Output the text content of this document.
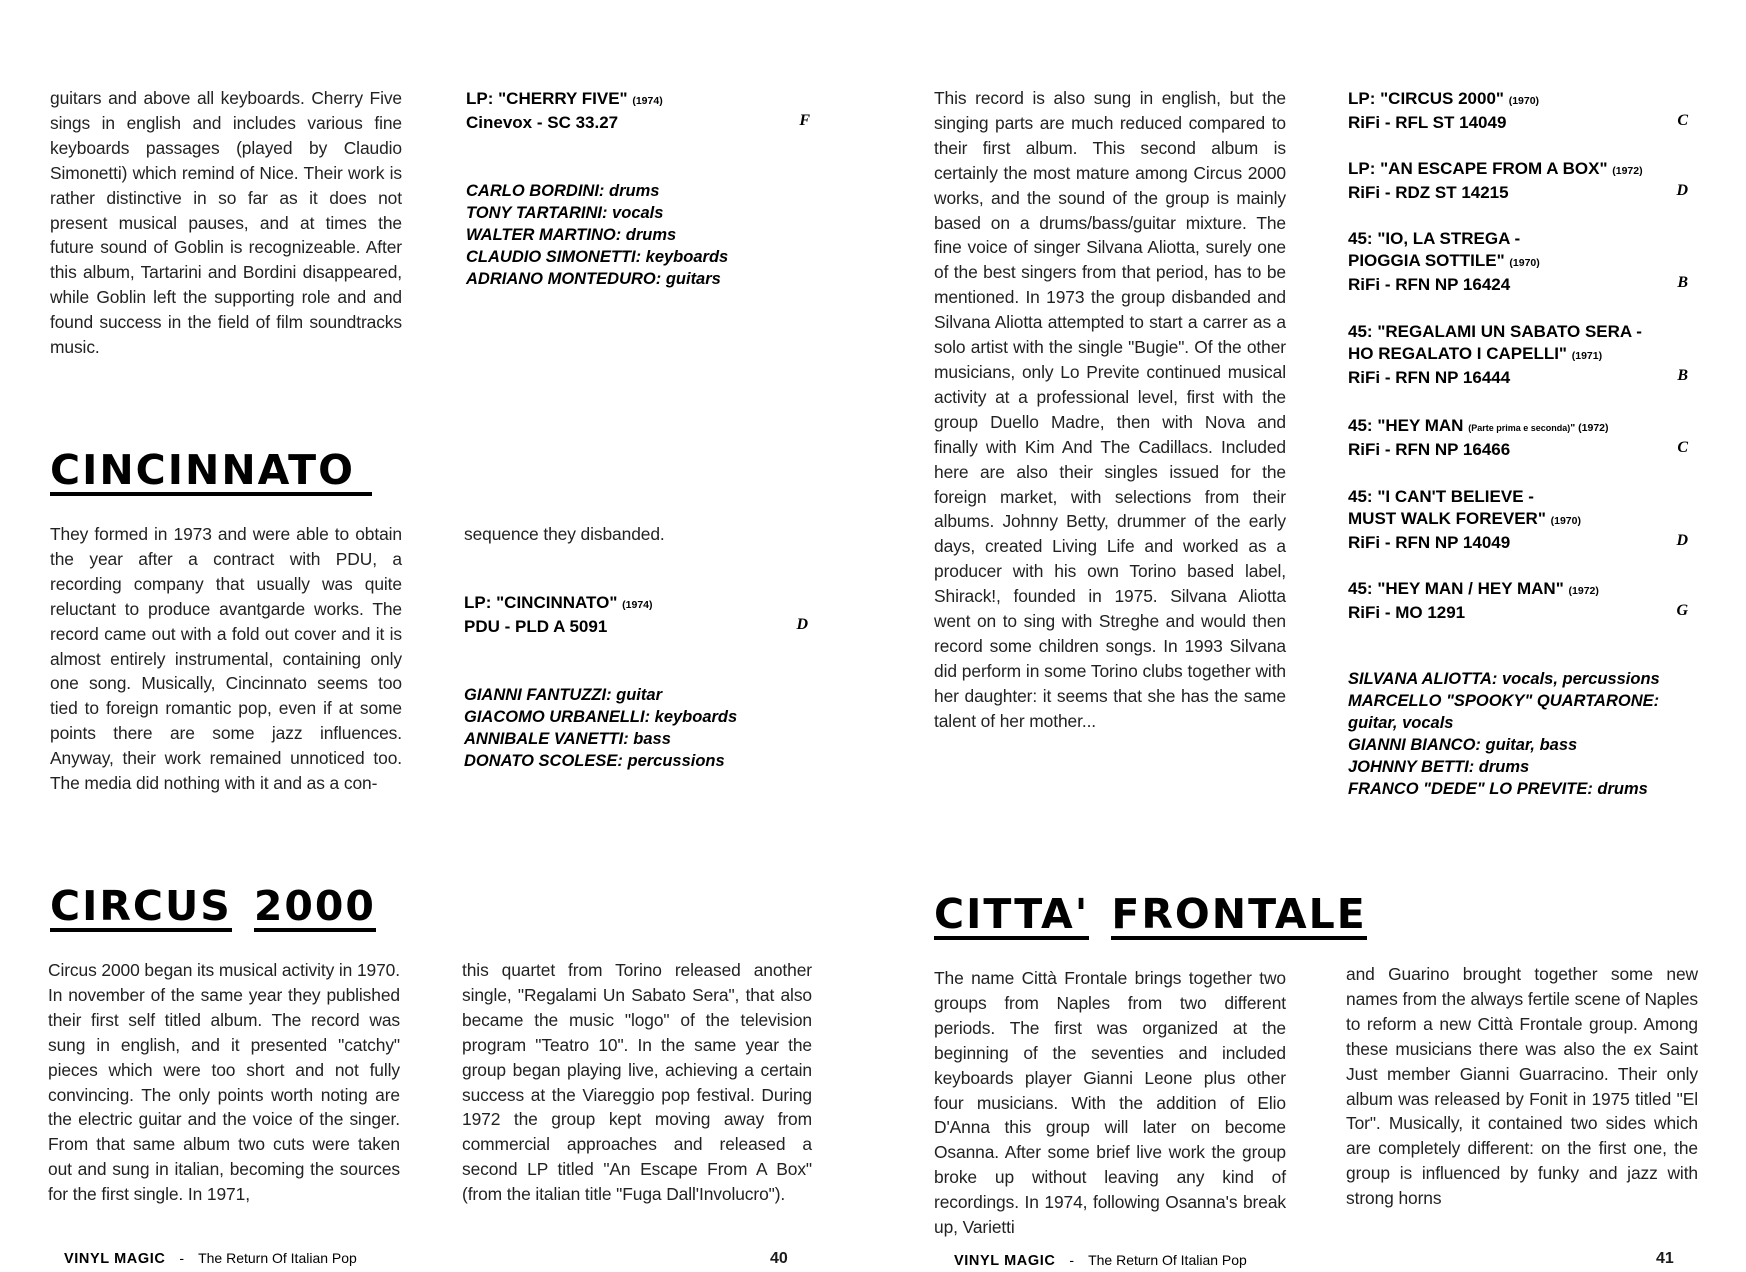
guitars and above all keyboards. Cherry Five sings in english and includes various fine keyboards passages (played by Claudio Simonetti) which remind of Nice. Their work is rather distinctive in so far as it does not present musical pauses, and at times the future sound of Goblin is recognizeable. After this album, Tartarini and Bordini disappeared, while Goblin left the supporting role and and found success in the field of film soundtracks music.

LP: "CHERRY FIVE" (1974)
Cinevox - SC 33.27	F
CARLO BORDINI: drums
TONY TARTARINI: vocals
WALTER MARTINO: drums
CLAUDIO SIMONETTI: keyboards
ADRIANO MONTEDURO: guitars
CINCINNATO

They formed in 1973 and were able to obtain the year after a contract with PDU, a recording company that usually was quite reluctant to produce avantgarde works. The record came out with a fold out cover and it is almost entirely instrumental, containing only one song. Musically, Cincinnato seems too tied to foreign romantic pop, even if at some points there are some jazz influences. Anyway, their work remained unnoticed too. The media did nothing with it and as a con-

sequence they disbanded.
LP: "CINCINNATO" (1974)
PDU - PLD A 5091	D
GIANNI FANTUZZI: guitar
GIACOMO URBANELLI: keyboards
ANNIBALE VANETTI: bass
DONATO SCOLESE: percussions
CIRCUS 2000

Circus 2000 began its musical activity in 1970. In november of the same year they published their first self titled album. The record was sung in english, and it presented "catchy" pieces which were too short and not fully convincing. The only points worth noting are the electric guitar and the voice of the singer. From that same album two cuts were taken out and sung in italian, becoming the sources for the first single. In 1971,

this quartet from Torino released another single, "Regalami Un Sabato Sera", that also became the music "logo" of the television program "Teatro 10". In the same year the group began playing live, achieving a certain success at the Viareggio pop festival. During 1972 the group kept moving away from commercial approaches and released a second LP titled "An Escape From A Box" (from the italian title "Fuga Dall'Involucro").

VINYL MAGIC - The Return Of Italian Pop	40

This record is also sung in english, but the singing parts are much reduced compared to their first album. This second album is certainly the most mature among Circus 2000 works, and the sound of the group is mainly based on a drums/bass/guitar mixture. The fine voice of singer Silvana Aliotta, surely one of the best singers from that period, has to be mentioned. In 1973 the group disbanded and Silvana Aliotta attempted to start a carrer as a solo artist with the single "Bugie". Of the other musicians, only Lo Previte continued musical activity at a professional level, first with the group Duello Madre, then with Nova and finally with Kim And The Cadillacs. Included here are also their singles issued for the foreign market, with selections from their albums. Johnny Betty, drummer of the early days, created Living Life and worked as a producer with his own Torino based label, Shirack!, founded in 1975. Silvana Aliotta went on to sing with Streghe and would then record some children songs. In 1993 Silvana did perform in some Torino clubs together with her daughter: it seems that she has the same talent of her mother...

LP: "CIRCUS 2000" (1970)
RiFi - RFL ST 14049	C
LP: "AN ESCAPE FROM A BOX" (1972)
RiFi - RDZ ST 14215	D
45: "IO, LA STREGA -
PIOGGIA SOTTILE" (1970)
RiFi - RFN NP 16424	B
45: "REGALAMI UN SABATO SERA -
HO REGALATO I CAPELLI" (1971)
RiFi - RFN NP 16444	B
45: "HEY MAN (Parte prima e seconda)" (1972)
RiFi - RFN NP 16466	C
45: "I CAN'T BELIEVE -
MUST WALK FOREVER" (1970)
RiFi - RFN NP 14049	D
45: "HEY MAN / HEY MAN" (1972)
RiFi - MO 1291	G
SILVANA ALIOTTA: vocals, percussions
MARCELLO "SPOOKY" QUARTARONE:
guitar, vocals
GIANNI BIANCO: guitar, bass
JOHNNY BETTI: drums
FRANCO "DEDE" LO PREVITE: drums
CITTA' FRONTALE

The name Città Frontale brings together two groups from Naples from two different periods. The first was organized at the beginning of the seventies and included keyboards player Gianni Leone plus other four musicians. With the addition of Elio D'Anna this group will later on become Osanna. After some brief live work the group broke up without leaving any kind of recordings. In 1974, following Osanna's break up, Varietti

and Guarino brought together some new names from the always fertile scene of Naples to reform a new Città Frontale group. Among these musicians there was also the ex Saint Just member Gianni Guarracino. Their only album was released by Fonit in 1975 titled "El Tor". Musically, it contained two sides which are completely different: on the first one, the group is influenced by funky and jazz with strong horns

VINYL MAGIC - The Return Of Italian Pop	41
